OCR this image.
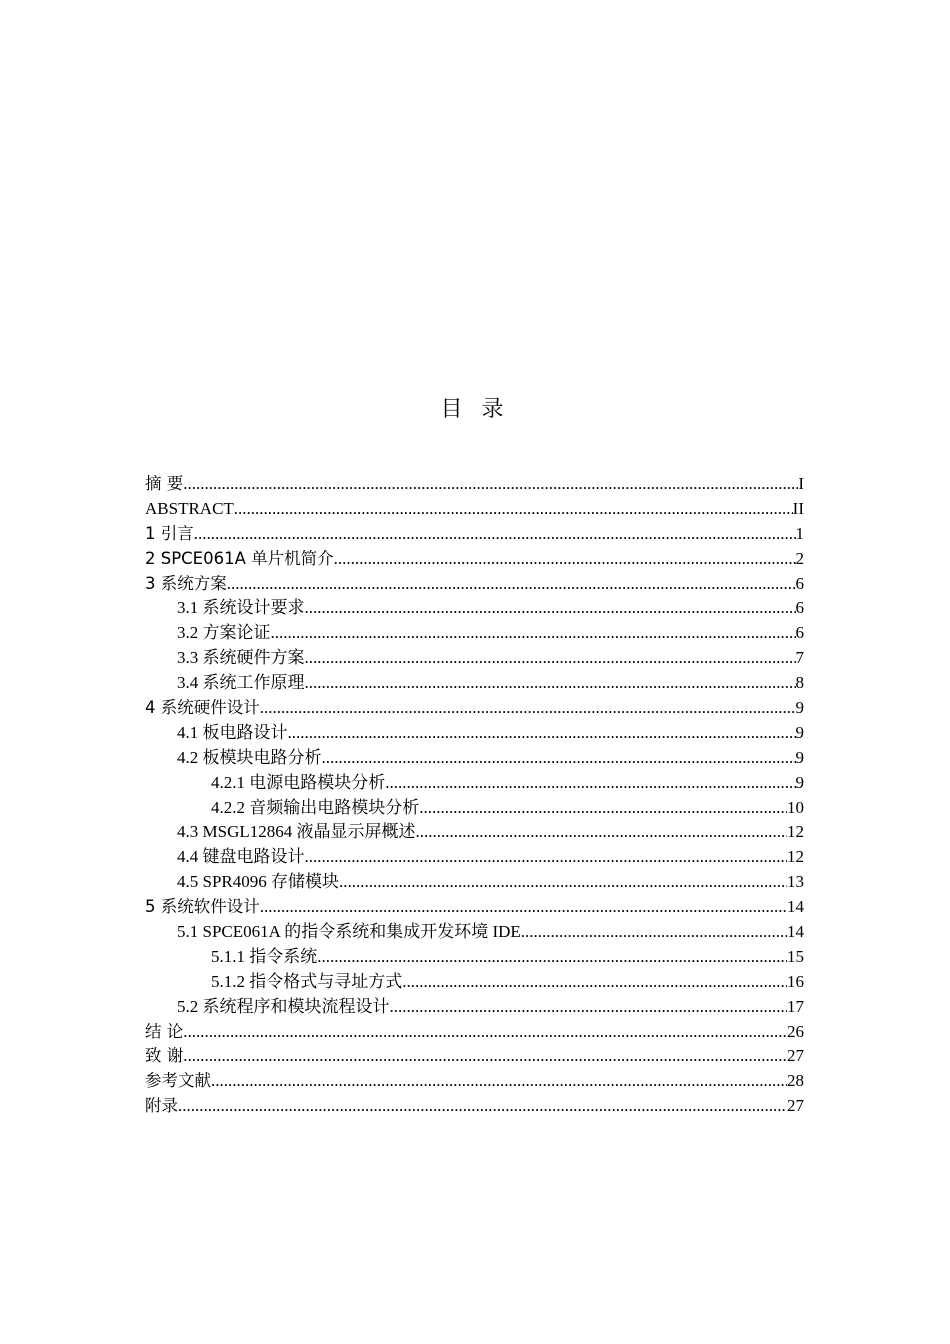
目 录
摘 要 .....	I
ABSTRACT .....	II
1 引言 .....	1
2 SPCE061A 单片机简介 .....	2
3 系统方案 .....	6
3.1 系统设计要求 .....	6
3.2 方案论证 .....	6
3.3 系统硬件方案 .....	7
3.4 系统工作原理 .....	8
4 系统硬件设计 .....	9
4.1 板电路设计 .....	9
4.2 板模块电路分析 .....	9
4.2.1 电源电路模块分析 .....	9
4.2.2 音频输出电路模块分析 .....	10
4.3 MSGL12864 液晶显示屏概述 .....	12
4.4 键盘电路设计 .....	12
4.5 SPR4096 存储模块 .....	13
5 系统软件设计 .....	14
5.1 SPCE061A 的指令系统和集成开发环境 IDE .....	14
5.1.1 指令系统 .....	15
5.1.2 指令格式与寻址方式 .....	16
5.2 系统程序和模块流程设计 .....	17
结 论 .....	26
致 谢 .....	27
参考文献 .....	28
附录 .....	27
